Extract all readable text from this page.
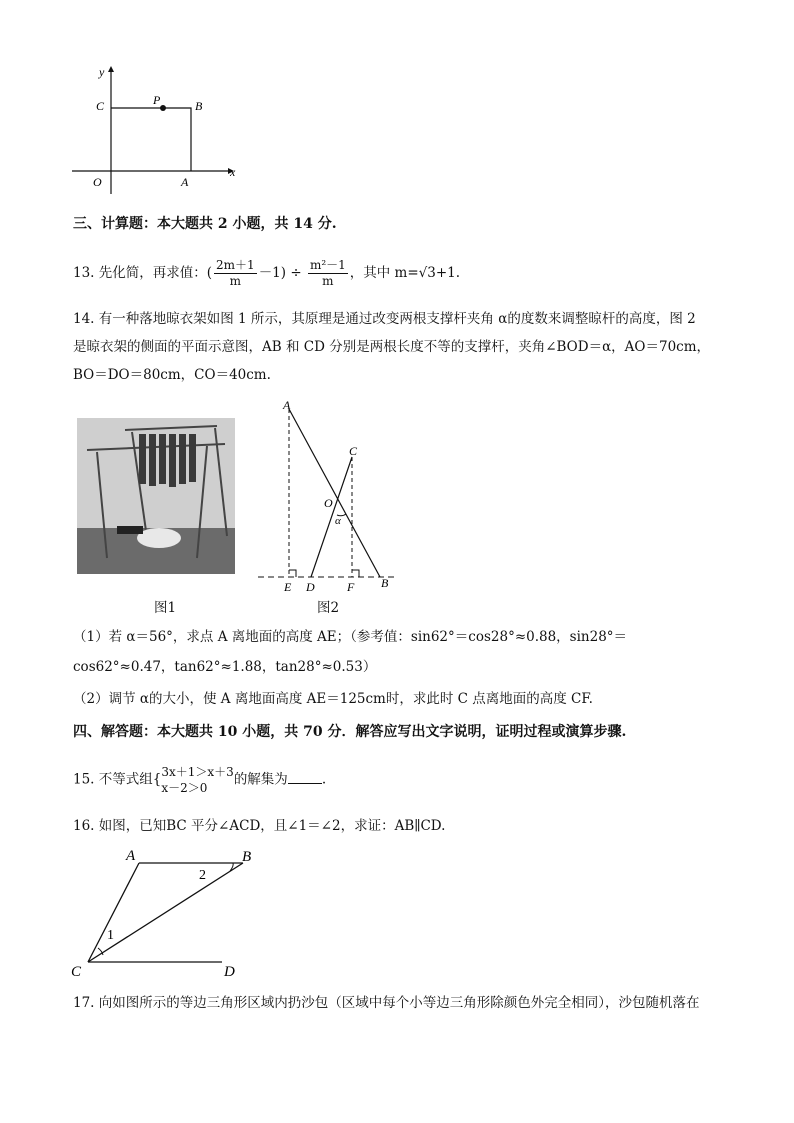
y
x
O	A
B
C	P
三、计算题：本大题共 2 小题，共 14 分.
13. 先化简，再求值：( $\frac{2m+1}{m} -1) \div \frac{\text{m²－1}}{m}$ ，其中 m=√3+1.
14. 有一种落地晾衣架如图 1 所示，其原理是通过改变两根支撑杆夹角 α的度数来调整晾杆的高度，图 2
是晾衣架的侧面的平面示意图，AB 和 CD 分别是两根长度不等的支撑杆，夹角∠BOD＝α，AO＝70cm，
BO＝DO＝80cm，CO＝40cm.
图1
A
C
O
α
E D	F B
图2
（1）若 α＝56°，求点 A 离地面的高度 AE；（参考值：sin62°＝cos28°≈0.88，sin28°＝
cos62°≈0.47，tan62°≈1.88，tan28°≈0.53）
（2）调节 α的大小，使 A 离地面高度 AE＝125cm时，求此时 C 点离地面的高度 CF.
四、解答题：本大题共 10 小题，共 70 分．解答应写出文字说明，证明过程或演算步骤.
15. 不等式组{ 3x＋1＞x＋3
x－2＞0
的解集为	.
16. 如图，已知BC 平分∠ACD，且∠1＝∠2，求证：AB∥CD.
A	B
C	D
1
2
17. 向如图所示的等边三角形区域内扔沙包（区域中每个小等边三角形除颜色外完全相同），沙包随机落在
